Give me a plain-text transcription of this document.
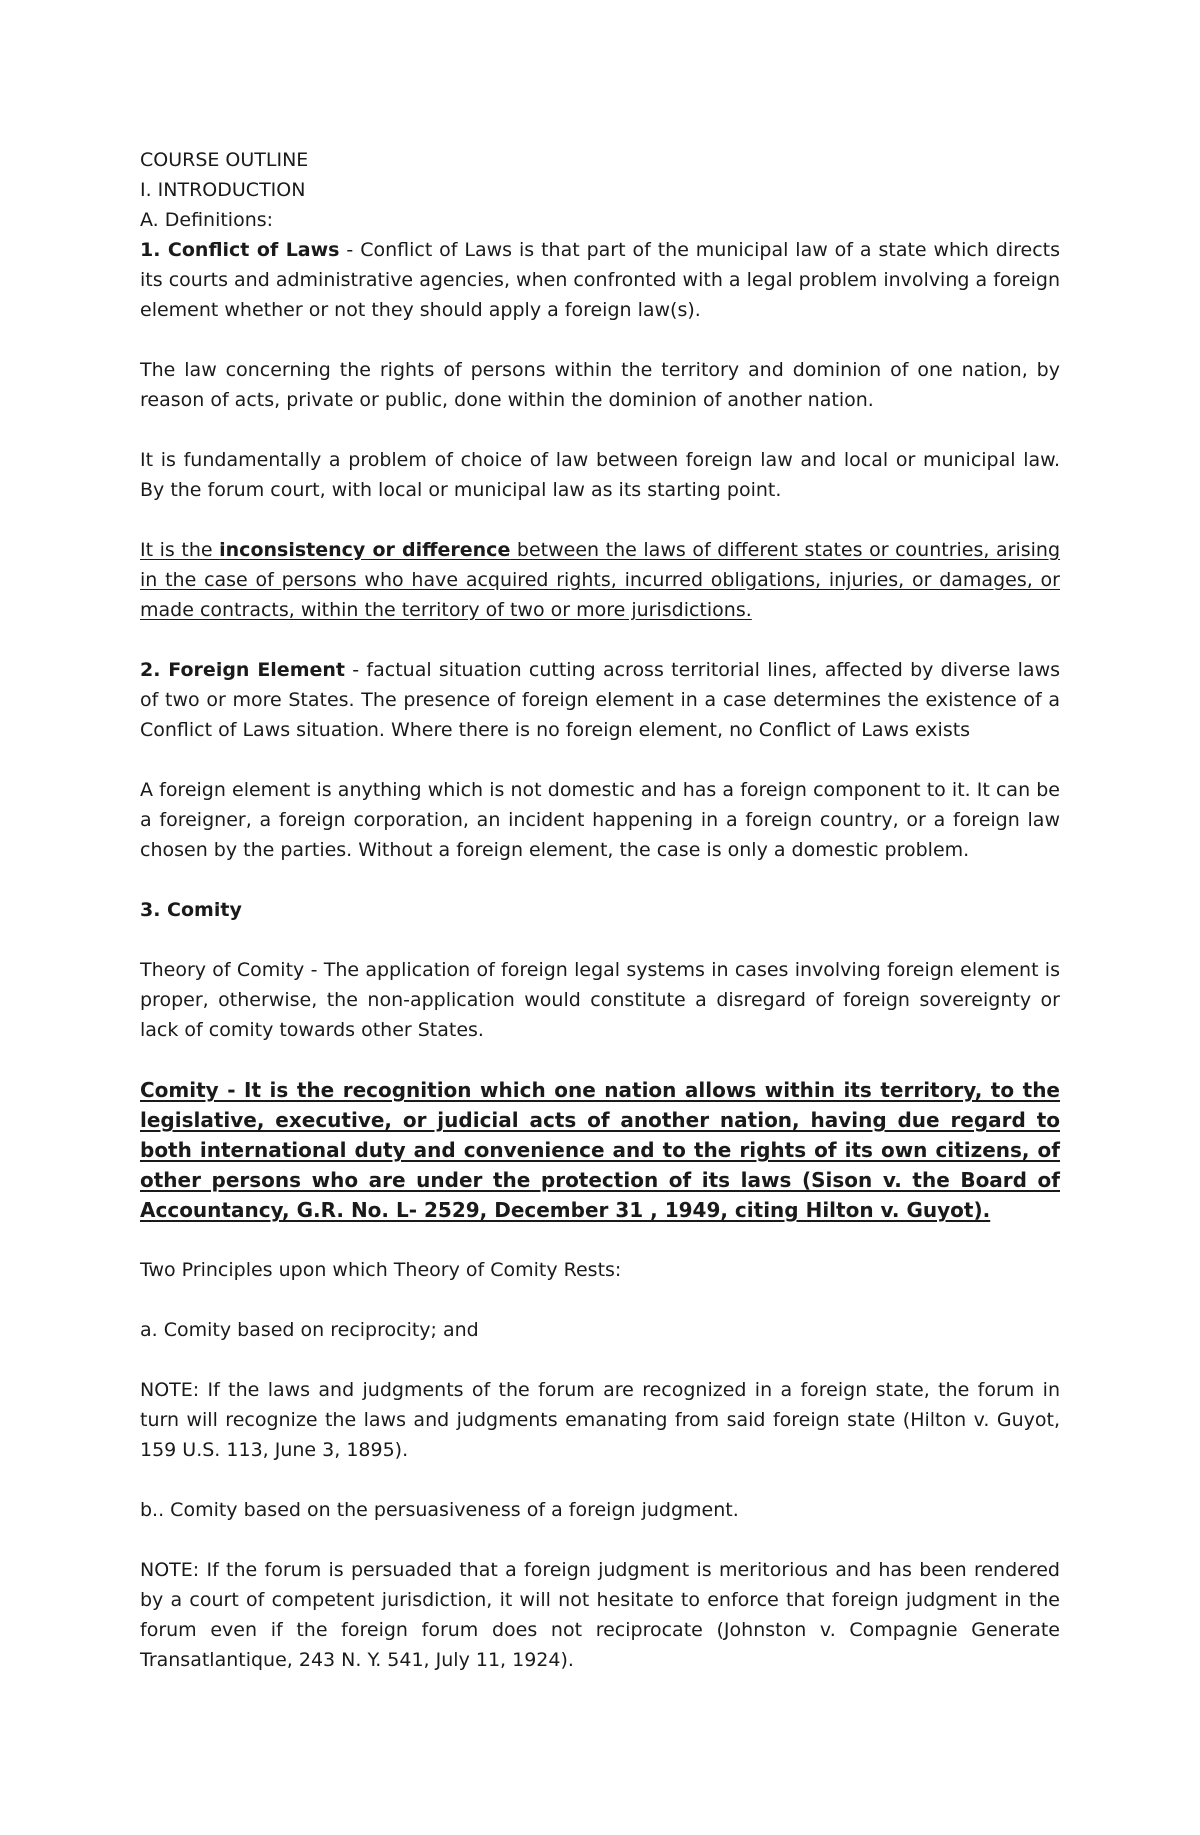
COURSE OUTLINE
I. INTRODUCTION
A. Definitions:

1. Conflict of Laws - Conflict of Laws is that part of the municipal law of a state which directs its courts and administrative agencies, when confronted with a legal problem involving a foreign element whether or not they should apply a foreign law(s).

The law concerning the rights of persons within the territory and dominion of one nation, by reason of acts, private or public, done within the dominion of another nation.

It is fundamentally a problem of choice of law between foreign law and local or municipal law. By the forum court, with local or municipal law as its starting point.

It is the inconsistency or difference between the laws of different states or countries, arising in the case of persons who have acquired rights, incurred obligations, injuries, or damages, or made contracts, within the territory of two or more jurisdictions.

2. Foreign Element - factual situation cutting across territorial lines, affected by diverse laws of two or more States. The presence of foreign element in a case determines the existence of a Conflict of Laws situation. Where there is no foreign element, no Conflict of Laws exists

A foreign element is anything which is not domestic and has a foreign component to it. It can be a foreigner, a foreign corporation, an incident happening in a foreign country, or a foreign law chosen by the parties. Without a foreign element, the case is only a domestic problem.

3. Comity

Theory of Comity - The application of foreign legal systems in cases involving foreign element is proper, otherwise, the non-application would constitute a disregard of foreign sovereignty or lack of comity towards other States.

Comity - It is the recognition which one nation allows within its territory, to the legislative, executive, or judicial acts of another nation, having due regard to both international duty and convenience and to the rights of its own citizens, of other persons who are under the protection of its laws (Sison v. the Board of Accountancy, G.R. No. L- 2529, December 31 , 1949, citing Hilton v. Guyot).

Two Principles upon which Theory of Comity Rests:

a. Comity based on reciprocity; and

NOTE: If the laws and judgments of the forum are recognized in a foreign state, the forum in turn will recognize the laws and judgments emanating from said foreign state (Hilton v. Guyot, 159 U.S. 113, June 3, 1895).

b.. Comity based on the persuasiveness of a foreign judgment.

NOTE: If the forum is persuaded that a foreign judgment is meritorious and has been rendered by a court of competent jurisdiction, it will not hesitate to enforce that foreign judgment in the forum even if the foreign forum does not reciprocate (Johnston v. Compagnie Generate Transatlantique, 243 N. Y. 541, July 11, 1924).
